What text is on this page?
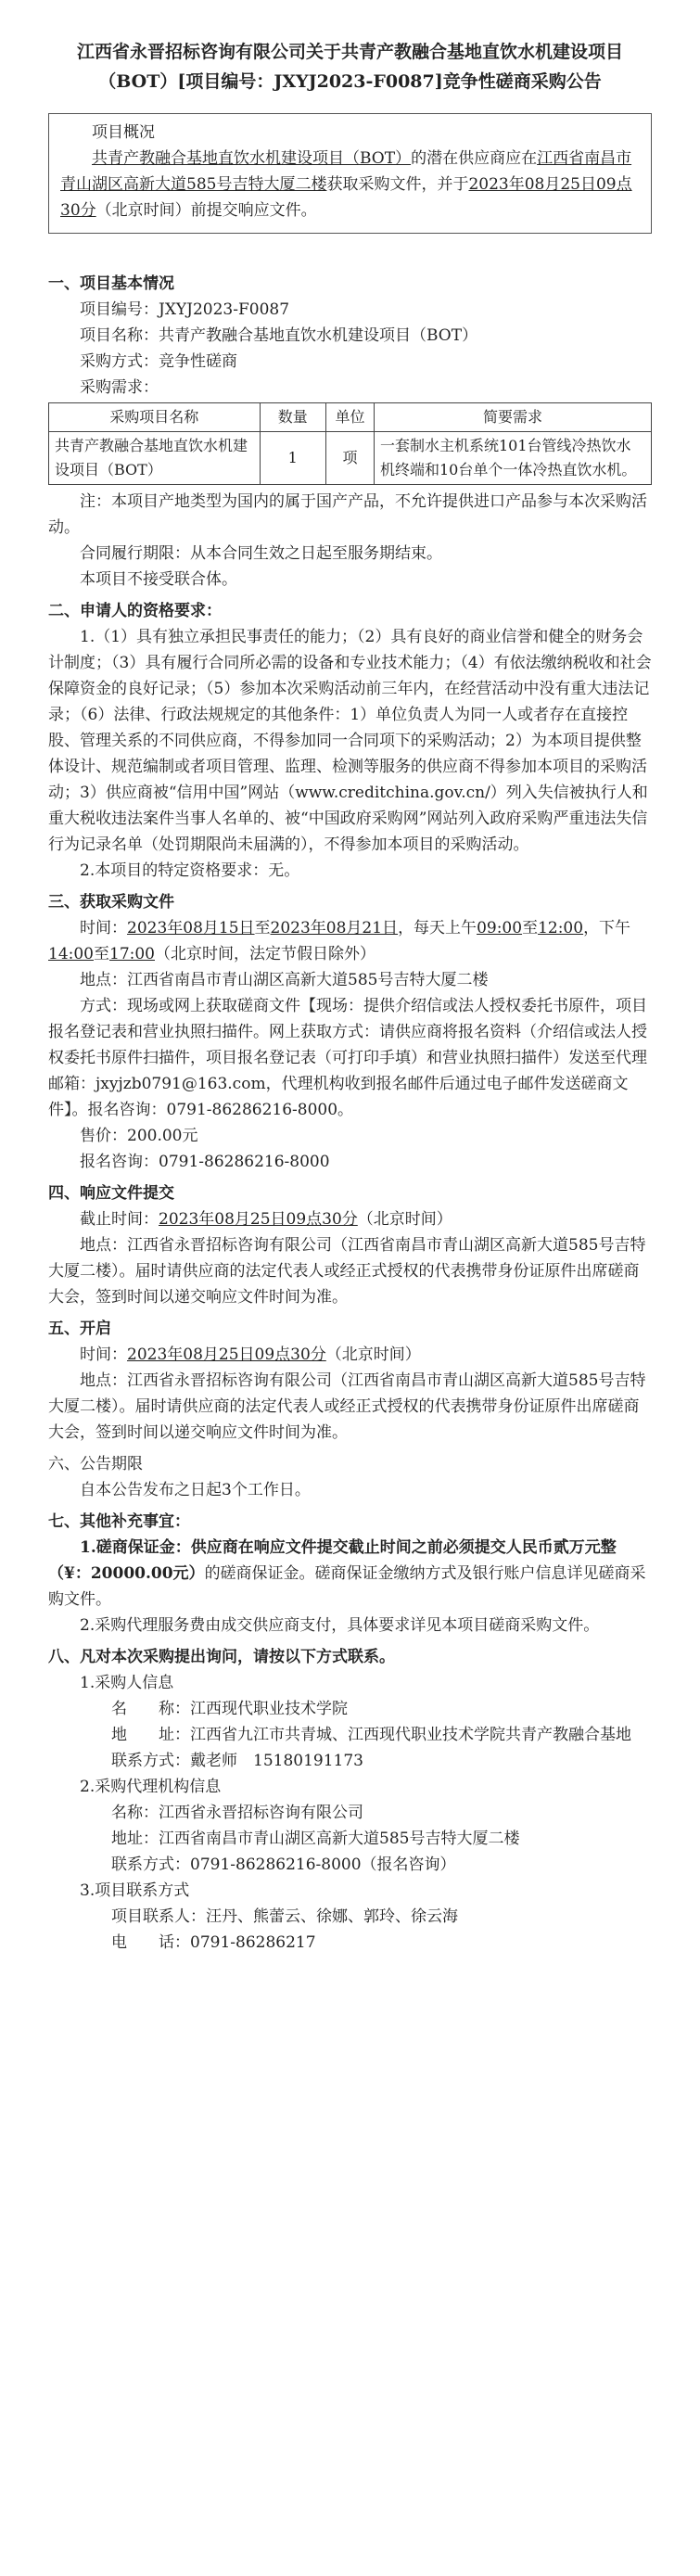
江西省永晋招标咨询有限公司关于共青产教融合基地直饮水机建设项目（BOT）[项目编号：JXYJ2023-F0087]竞争性磋商采购公告
项目概况
共青产教融合基地直饮水机建设项目（BOT）的潜在供应商应在江西省南昌市青山湖区高新大道585号吉特大厦二楼获取采购文件，并于2023年08月25日09点30分（北京时间）前提交响应文件。
一、项目基本情况
项目编号：JXYJ2023-F0087
项目名称：共青产教融合基地直饮水机建设项目（BOT）
采购方式：竞争性磋商
采购需求：
采购项目名称	数量	单位	简要需求
共青产教融合基地直饮水机建设项目（BOT）	1	项	一套制水主机系统101台管线冷热饮水机终端和10台单个一体冷热直饮水机。
注：本项目产地类型为国内的属于国产产品，不允许提供进口产品参与本次采购活动。
合同履行期限：从本合同生效之日起至服务期结束。
本项目不接受联合体。
二、申请人的资格要求：
1.（1）具有独立承担民事责任的能力；（2）具有良好的商业信誉和健全的财务会计制度；（3）具有履行合同所必需的设备和专业技术能力；（4）有依法缴纳税收和社会保障资金的良好记录；（5）参加本次采购活动前三年内，在经营活动中没有重大违法记录；（6）法律、行政法规规定的其他条件：1）单位负责人为同一人或者存在直接控股、管理关系的不同供应商，不得参加同一合同项下的采购活动；2）为本项目提供整体设计、规范编制或者项目管理、监理、检测等服务的供应商不得参加本项目的采购活动；3）供应商被“信用中国”网站（www.creditchina.gov.cn/）列入失信被执行人和重大税收违法案件当事人名单的、被“中国政府采购网”网站列入政府采购严重违法失信行为记录名单（处罚期限尚未届满的），不得参加本项目的采购活动。
2.本项目的特定资格要求：无。
三、获取采购文件
时间：2023年08月15日至2023年08月21日，每天上午09:00至12:00，下午14:00至17:00（北京时间，法定节假日除外）
地点：江西省南昌市青山湖区高新大道585号吉特大厦二楼
方式：现场或网上获取磋商文件【现场：提供介绍信或法人授权委托书原件，项目报名登记表和营业执照扫描件。网上获取方式：请供应商将报名资料（介绍信或法人授权委托书原件扫描件，项目报名登记表（可打印手填）和营业执照扫描件）发送至代理邮箱：jxyjzb0791@163.com，代理机构收到报名邮件后通过电子邮件发送磋商文件】。报名咨询：0791-86286216-8000。
售价：200.00元
报名咨询：0791-86286216-8000
四、响应文件提交
截止时间：2023年08月25日09点30分（北京时间）
地点：江西省永晋招标咨询有限公司（江西省南昌市青山湖区高新大道585号吉特大厦二楼）。届时请供应商的法定代表人或经正式授权的代表携带身份证原件出席磋商大会，签到时间以递交响应文件时间为准。
五、开启
时间：2023年08月25日09点30分（北京时间）
地点：江西省永晋招标咨询有限公司（江西省南昌市青山湖区高新大道585号吉特大厦二楼）。届时请供应商的法定代表人或经正式授权的代表携带身份证原件出席磋商大会，签到时间以递交响应文件时间为准。
六、公告期限
自本公告发布之日起3个工作日。
七、其他补充事宜：
1.磋商保证金：供应商在响应文件提交截止时间之前必须提交人民币贰万元整（¥：20000.00元）的磋商保证金。磋商保证金缴纳方式及银行账户信息详见磋商采购文件。
2.采购代理服务费由成交供应商支付，具体要求详见本项目磋商采购文件。
八、凡对本次采购提出询问，请按以下方式联系。
1.采购人信息
名　　称：江西现代职业技术学院
地　　址：江西省九江市共青城、江西现代职业技术学院共青产教融合基地
联系方式：戴老师　15180191173
2.采购代理机构信息
名称：江西省永晋招标咨询有限公司
地址：江西省南昌市青山湖区高新大道585号吉特大厦二楼
联系方式：0791-86286216-8000（报名咨询）
3.项目联系方式
项目联系人：汪丹、熊蕾云、徐娜、郭玲、徐云海
电　　话：0791-86286217
